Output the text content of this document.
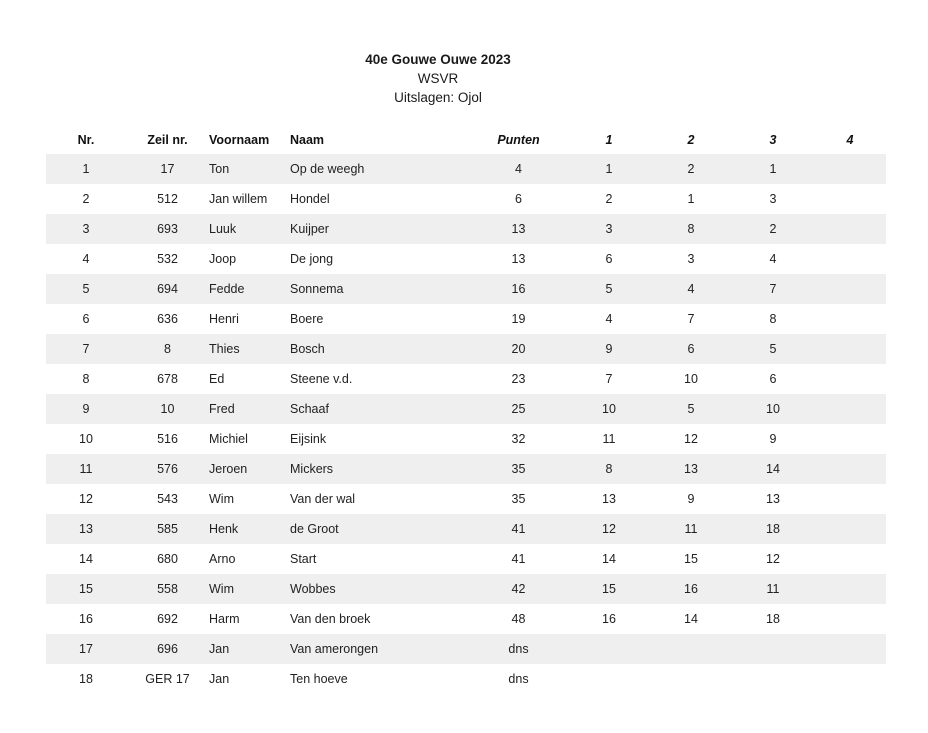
40e Gouwe Ouwe 2023
WSVR
Uitslagen: Ojol
Nr.	Zeil nr.	Voornaam	Naam	Punten	1	2	3	4
1	17	Ton	Op de weegh	4	1	2	1	
2	512	Jan willem	Hondel	6	2	1	3	
3	693	Luuk	Kuijper	13	3	8	2	
4	532	Joop	De jong	13	6	3	4	
5	694	Fedde	Sonnema	16	5	4	7	
6	636	Henri	Boere	19	4	7	8	
7	8	Thies	Bosch	20	9	6	5	
8	678	Ed	Steene v.d.	23	7	10	6	
9	10	Fred	Schaaf	25	10	5	10	
10	516	Michiel	Eijsink	32	11	12	9	
11	576	Jeroen	Mickers	35	8	13	14	
12	543	Wim	Van der wal	35	13	9	13	
13	585	Henk	de Groot	41	12	11	18	
14	680	Arno	Start	41	14	15	12	
15	558	Wim	Wobbes	42	15	16	11	
16	692	Harm	Van den broek	48	16	14	18	
17	696	Jan	Van amerongen	dns				
18	GER 17	Jan	Ten hoeve	dns				
